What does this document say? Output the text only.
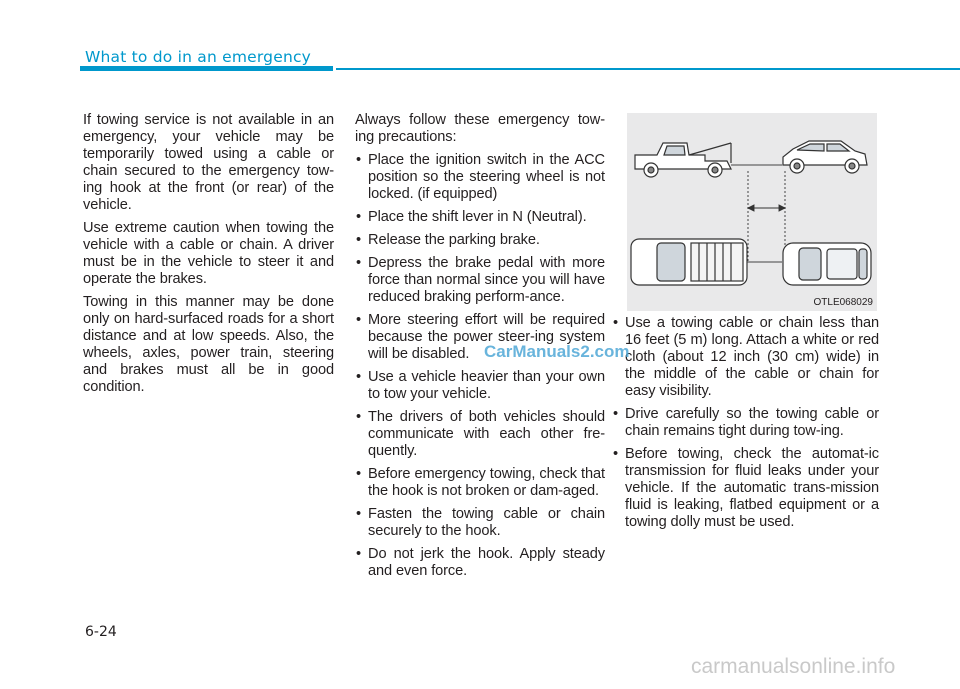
What to do in an emergency

If towing service is not available in an emergency, your vehicle may be temporarily towed using a cable or chain secured to the emergency tow-ing hook at the front (or rear) of the vehicle.

Use extreme caution when towing the vehicle with a cable or chain. A driver must be in the vehicle to steer it and operate the brakes.

Towing in this manner may be done only on hard-surfaced roads for a short distance and at low speeds. Also, the wheels, axles, power train, steering and brakes must all be in good condition.

Always follow these emergency tow-ing precautions:

• Place the ignition switch in the ACC position so the steering wheel is not locked. (if equipped)
• Place the shift lever in N (Neutral).
• Release the parking brake.
• Depress the brake pedal with more force than normal since you will have reduced braking perform-ance.
• More steering effort will be required because the power steer-ing system will be disabled.
• Use a vehicle heavier than your own to tow your vehicle.
• The drivers of both vehicles should communicate with each other fre-quently.
• Before emergency towing, check that the hook is not broken or dam-aged.
• Fasten the towing cable or chain securely to the hook.
• Do not jerk the hook. Apply steady and even force.
OTLE068029
• Use a towing cable or chain less than 16 feet (5 m) long. Attach a white or red cloth (about 12 inch (30 cm) wide) in the middle of the cable or chain for easy visibility.
• Drive carefully so the towing cable or chain remains tight during tow-ing.
• Before towing, check the automat-ic transmission for fluid leaks under your vehicle. If the automatic trans-mission fluid is leaking, flatbed equipment or a towing dolly must be used.
CarManuals2.com
6-24
carmanualsonline.info
